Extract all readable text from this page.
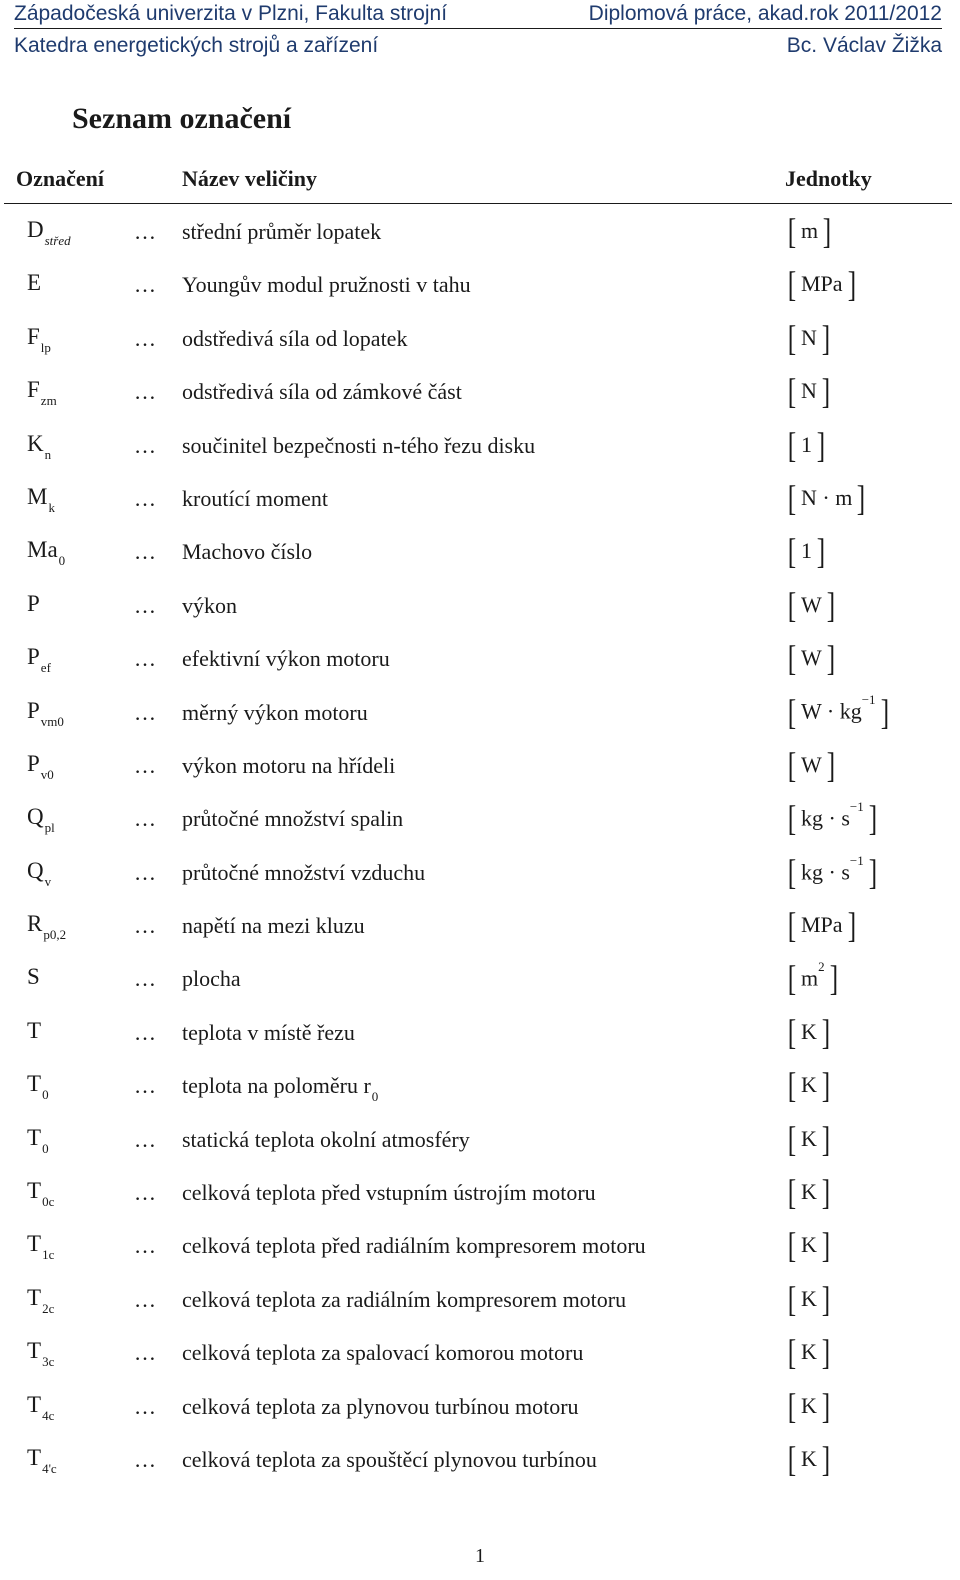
Západočeská univerzita v Plzni, Fakulta strojní	Diplomová práce, akad.rok 2011/2012
Katedra energetických strojů a zařízení	Bc. Václav Žižka
Seznam označení
Označení	Název veličiny	Jednotky
$D_{střed}$	… střední průměr lopatek	[ m ]
E	… Youngův modul pružnosti v tahu	[ MPa ]
$F_{lp}$	… odstředivá síla od lopatek	[ N ]
$F_{zm}$	… odstředivá síla od zámkové část	[ N ]
$K_n$	… součinitel bezpečnosti n-tého řezu disku	[ 1 ]
$M_k$	… kroutící moment	[ N · m ]
$Ma_0$	… Machovo číslo	[ 1 ]
P	… výkon	[ W ]
$P_{ef}$	… efektivní výkon motoru	[ W ]
$P_{vm0}$	… měrný výkon motoru	[ $W \cdot kg^{-1}$ ]
$P_{v0}$	… výkon motoru na hřídeli	[ W ]
$Q_{pl}$	… průtočné množství spalin	[ kg · $s^{-1}$ ]
$Q_v$	… průtočné množství vzduchu	[ kg · $s^{-1}$ ]
$R_{p0,2}$	… napětí na mezi kluzu	[ MPa ]
S	… plocha	[ $m^2$ ]
T	… teplota v místě řezu	[ K ]
$T_0$	… teplota na poloměru $r_0$	[ K ]
$T_0$	… statická teplota okolní atmosféry	[ K ]
$T_{0c}$	… celková teplota před vstupním ústrojím motoru	[ K ]
$T_{1c}$	… celková teplota před radiálním kompresorem motoru	[ K ]
$T_{2c}$	… celková teplota za radiálním kompresorem motoru	[ K ]
$T_{3c}$	… celková teplota za spalovací komorou motoru	[ K ]
$T_{4c}$	… celková teplota za plynovou turbínou motoru	[ K ]
$T_{4'c}$	… celková teplota za spouštěcí plynovou turbínou	[ K ]
1
